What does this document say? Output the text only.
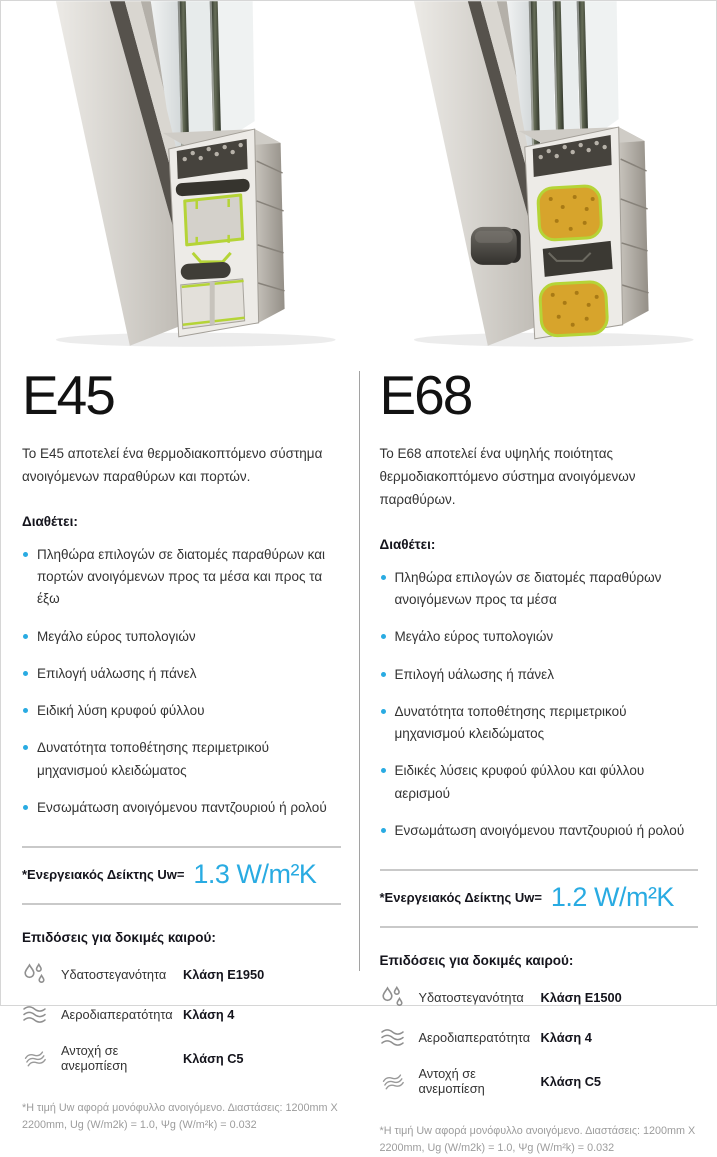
E45

Το E45 αποτελεί ένα θερμοδιακοπτόμενο σύστημα ανοιγόμενων παραθύρων και πορτών.

Διαθέτει:
Πληθώρα επιλογών σε διατομές παραθύρων και πορτών ανοιγόμενων προς τα μέσα και προς τα έξω
Μεγάλο εύρος τυπολογιών
Επιλογή υάλωσης ή πάνελ
Ειδική λύση κρυφού φύλλου
Δυνατότητα τοποθέτησης περιμετρικού μηχανισμού κλειδώματος
Ενσωμάτωση ανοιγόμενου παντζουριού ή ρολού
*Ενεργειακός Δείκτης Uw= 1.3 W/m²K
Επιδόσεις για δοκιμές καιρού:
Υδατοστεγανότητα	Κλάση E1950
Αεροδιαπερατότητα Κλάση 4
Αντοχή σε ανεμοπίεση	Κλάση C5

*Η τιμή Uw αφορά μονόφυλλο ανοιγόμενο. Διαστάσεις: 1200mm X 2200mm, Ug (W/m2k) = 1.0, Ψg (W/m²k) = 0.032

E68

Το E68 αποτελεί ένα υψηλής ποιότητας θερμοδιακοπτόμενο σύστημα ανοιγόμενων παραθύρων.

Διαθέτει:
Πληθώρα επιλογών σε διατομές παραθύρων ανοιγόμενων προς τα μέσα
Μεγάλο εύρος τυπολογιών
Επιλογή υάλωσης ή πάνελ
Δυνατότητα τοποθέτησης περιμετρικού μηχανισμού κλειδώματος
Ειδικές λύσεις κρυφού φύλλου και φύλλου αερισμού
Ενσωμάτωση ανοιγόμενου παντζουριού ή ρολού
*Ενεργειακός Δείκτης Uw= 1.2 W/m²K
Επιδόσεις για δοκιμές καιρού:
Υδατοστεγανότητα	Κλάση E1500
Αεροδιαπερατότητα Κλάση 4
Αντοχή σε ανεμοπίεση	Κλάση C5

*Η τιμή Uw αφορά μονόφυλλο ανοιγόμενο. Διαστάσεις: 1200mm X 2200mm, Ug (W/m2k) = 1.0, Ψg (W/m²k) = 0.032
